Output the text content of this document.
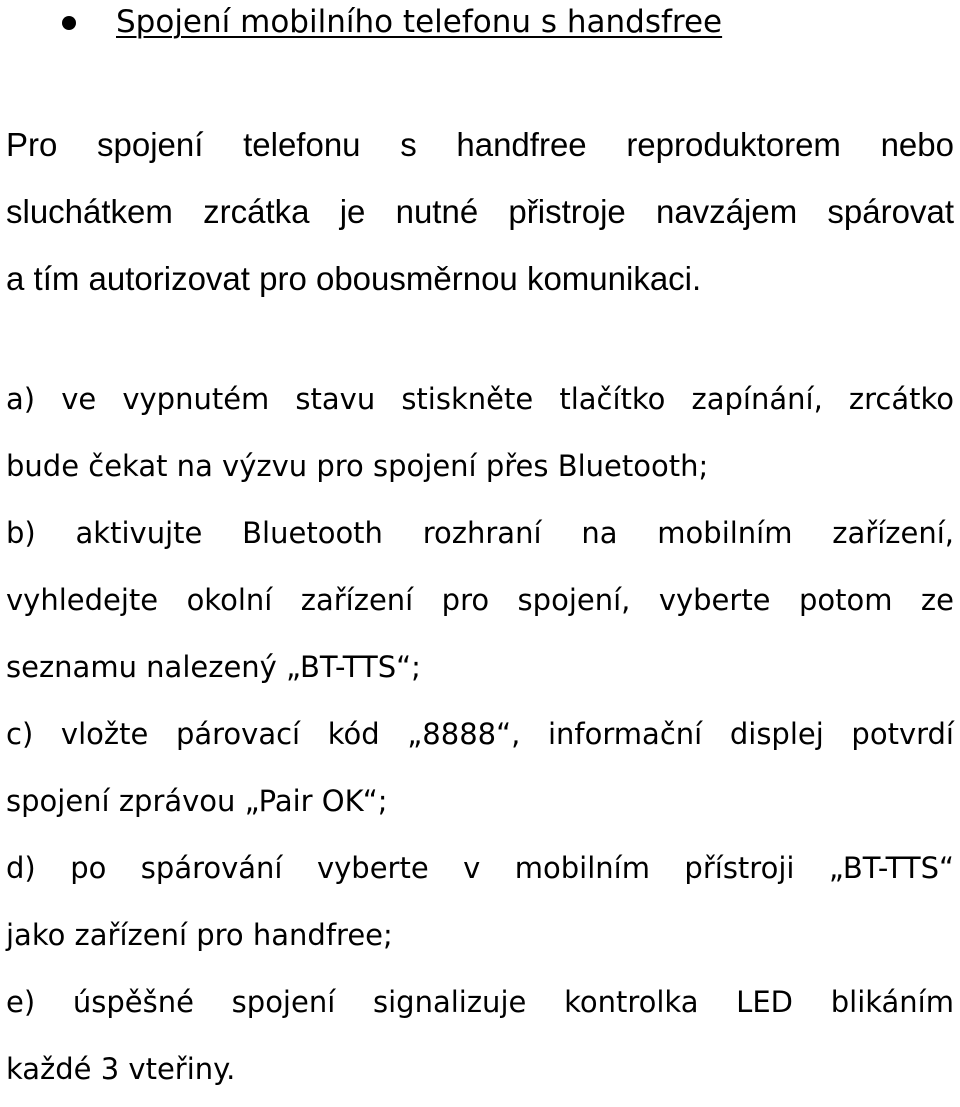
Spojení mobilního telefonu s handsfree
Pro spojení telefonu s handfree reproduktorem nebo
sluchátkem zrcátka je nutné přistroje navzájem spárovat
a tím autorizovat pro obousměrnou komunikaci.
a) ve vypnutém stavu stiskněte tlačítko zapínání, zrcátko
bude čekat na výzvu pro spojení přes Bluetooth;
b) aktivujte Bluetooth rozhraní na mobilním zařízení,
vyhledejte okolní zařízení pro spojení, vyberte potom ze
seznamu nalezený „BT-TTS“;
c) vložte párovací kód „8888“, informační displej potvrdí
spojení zprávou „Pair OK“;
d) po spárování vyberte v mobilním přístroji „BT-TTS“
jako zařízení pro handfree;
e) úspěšné spojení signalizuje kontrolka LED blikáním
každé 3 vteřiny.
